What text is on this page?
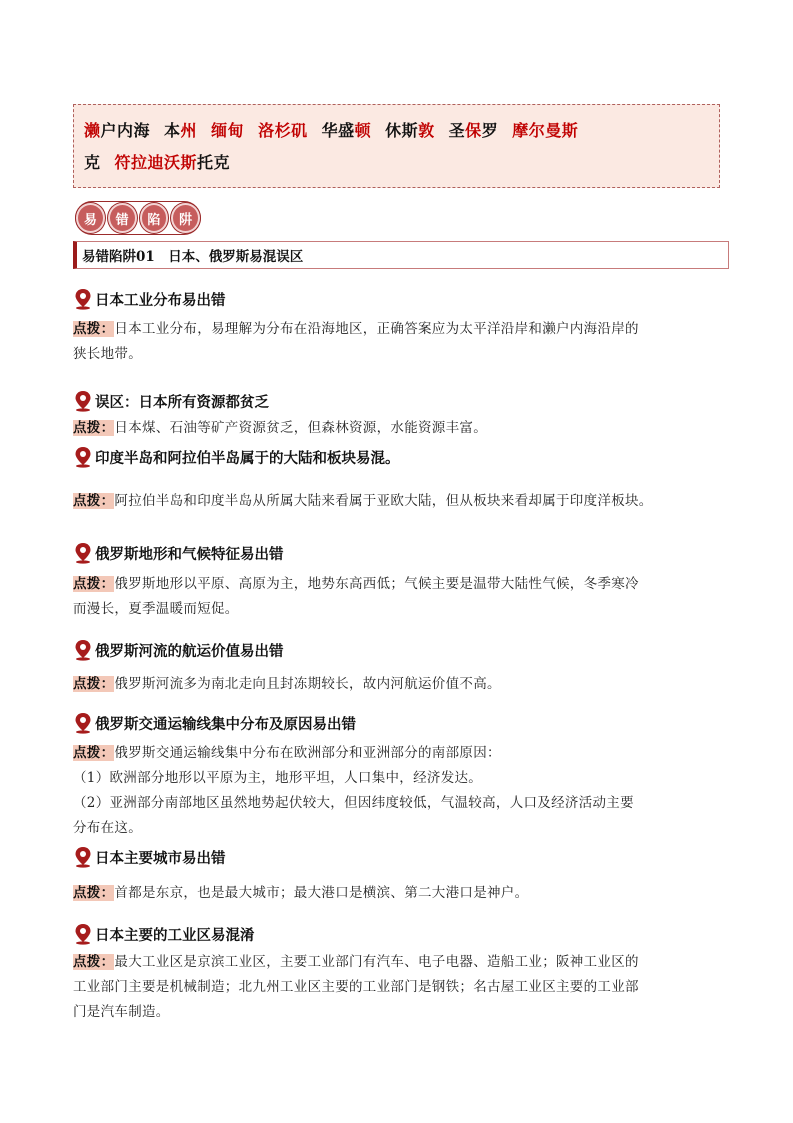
濑户内海 本州 缅甸 洛杉矶 华盛顿 休斯敦 圣保罗 摩尔曼斯
克 符拉迪沃斯托克
易	错	陷	阱
易错陷阱01　日本、俄罗斯易混误区
日本工业分布易出错
点拨：日本工业分布，易理解为分布在沿海地区，正确答案应为太平洋沿岸和濑户内海沿岸的
狭长地带。
误区：日本所有资源都贫乏
点拨：日本煤、石油等矿产资源贫乏，但森林资源，水能资源丰富。
印度半岛和阿拉伯半岛属于的大陆和板块易混。
点拨：阿拉伯半岛和印度半岛从所属大陆来看属于亚欧大陆，但从板块来看却属于印度洋板块。
俄罗斯地形和气候特征易出错
点拨：俄罗斯地形以平原、高原为主，地势东高西低；气候主要是温带大陆性气候，冬季寒冷
而漫长，夏季温暖而短促。
俄罗斯河流的航运价值易出错
点拨：俄罗斯河流多为南北走向且封冻期较长，故内河航运价值不高。
俄罗斯交通运输线集中分布及原因易出错
点拨：俄罗斯交通运输线集中分布在欧洲部分和亚洲部分的南部原因：
（1）欧洲部分地形以平原为主，地形平坦，人口集中，经济发达。
（2）亚洲部分南部地区虽然地势起伏较大，但因纬度较低，气温较高，人口及经济活动主要
分布在这。
日本主要城市易出错
点拨：首都是东京，也是最大城市；最大港口是横滨、第二大港口是神户。
日本主要的工业区易混淆
点拨：最大工业区是京滨工业区，主要工业部门有汽车、电子电器、造船工业；阪神工业区的
工业部门主要是机械制造；北九州工业区主要的工业部门是钢铁；名古屋工业区主要的工业部
门是汽车制造。
